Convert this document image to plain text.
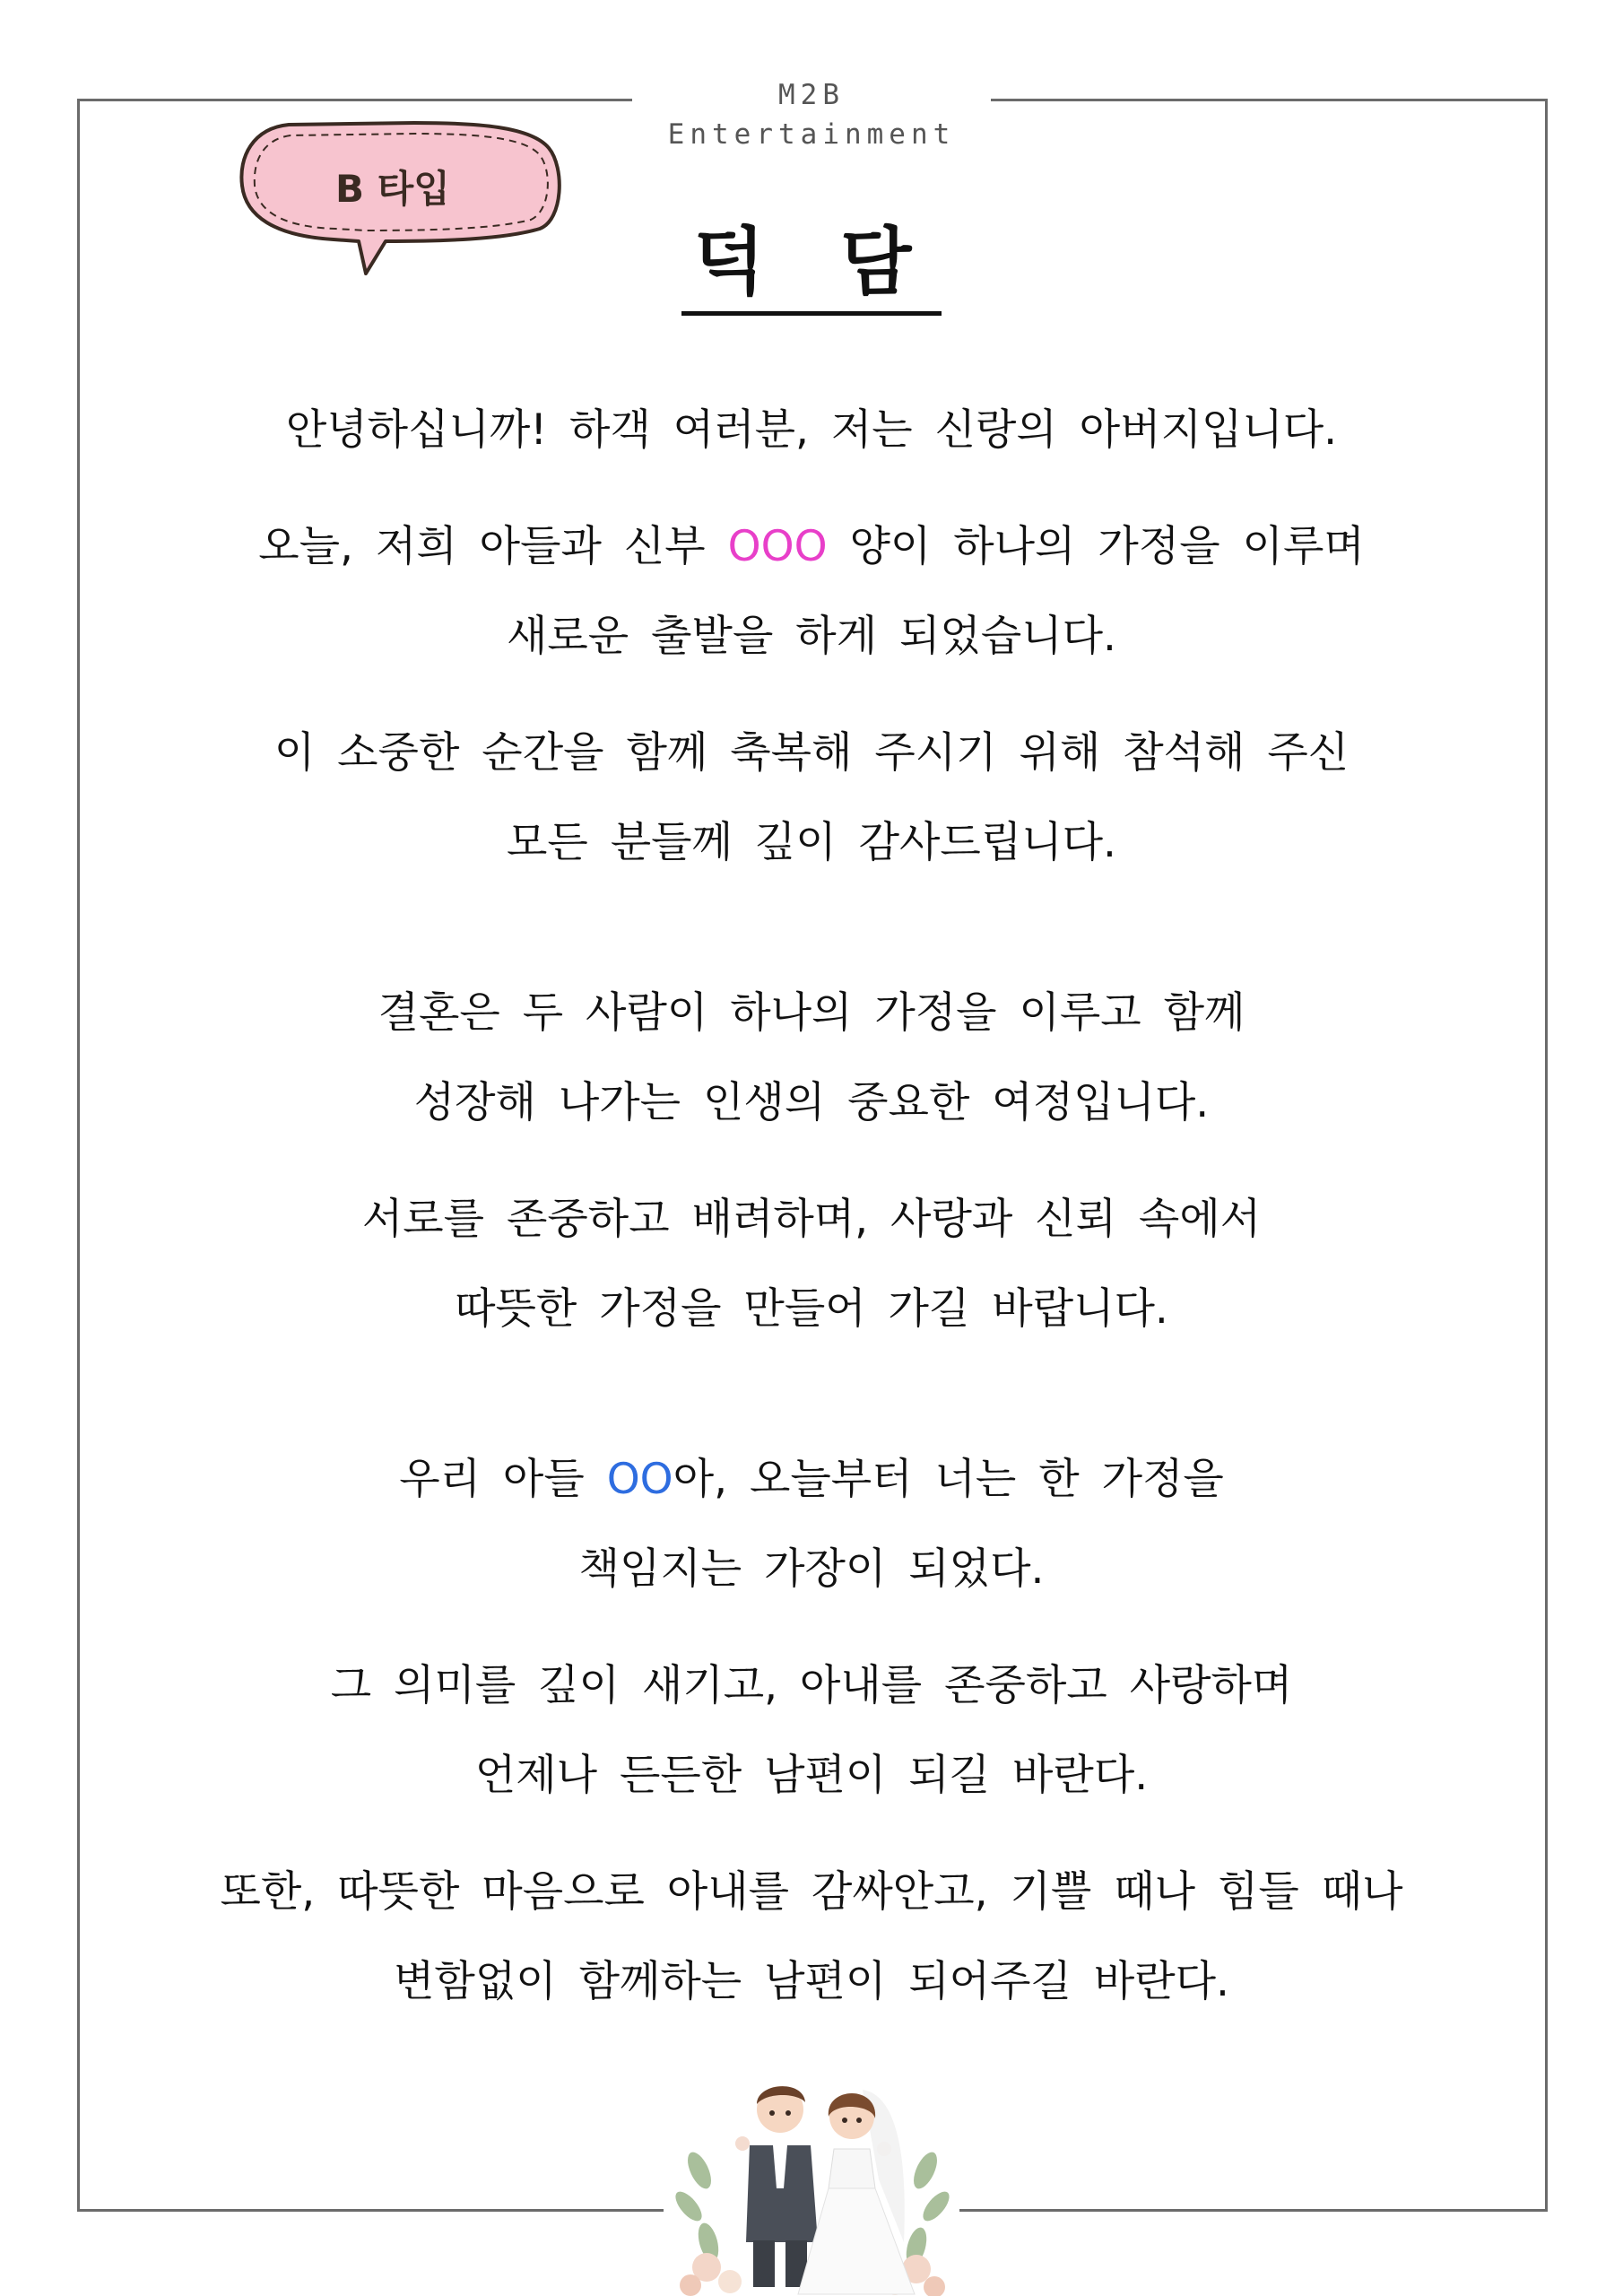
M2B Entertainment
B 타입
덕 담
안녕하십니까! 하객 여러분, 저는 신랑의 아버지입니다.
오늘, 저희 아들과 신부 OOO 양이 하나의 가정을 이루며
새로운 출발을 하게 되었습니다.
이 소중한 순간을 함께 축복해 주시기 위해 참석해 주신
모든 분들께 깊이 감사드립니다.
결혼은 두 사람이 하나의 가정을 이루고 함께
성장해 나가는 인생의 중요한 여정입니다.
서로를 존중하고 배려하며, 사랑과 신뢰 속에서
따뜻한 가정을 만들어 가길 바랍니다.
우리 아들 OO아, 오늘부터 너는 한 가정을
책임지는 가장이 되었다.
그 의미를 깊이 새기고, 아내를 존중하고 사랑하며
언제나 든든한 남편이 되길 바란다.
또한, 따뜻한 마음으로 아내를 감싸안고, 기쁠 때나 힘들 때나
변함없이 함께하는 남편이 되어주길 바란다.
